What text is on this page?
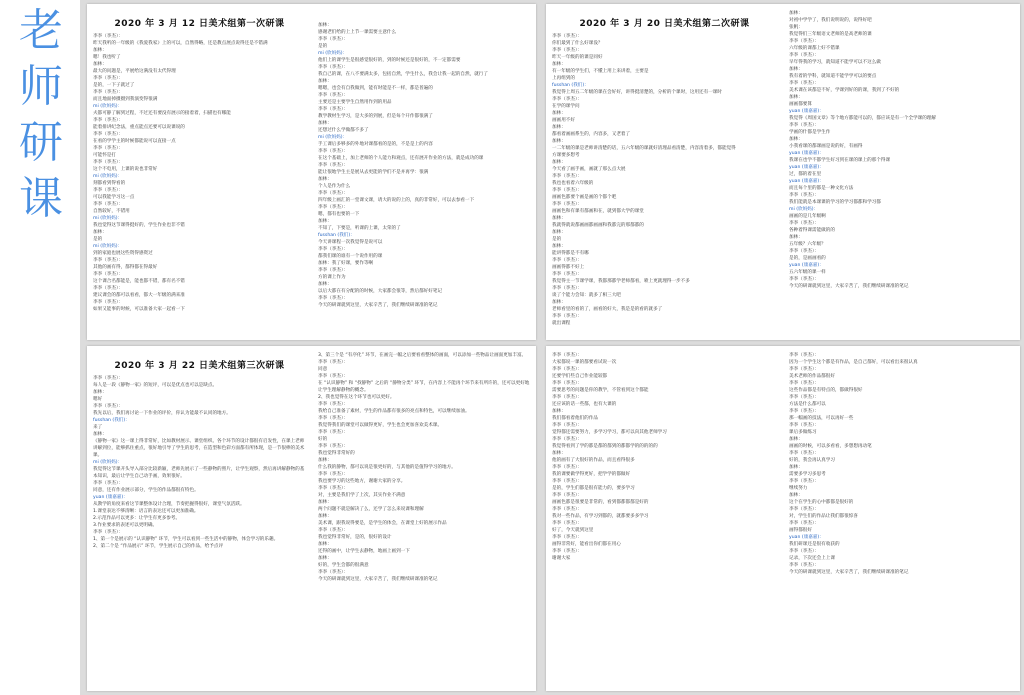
老
师
研
课
2020 年 3 月 12 日美术组第一次研课
李李（李杰）：
昨天我听的一年级的《我爱我家》上的可以，自然得略，还是教点展点说得还是不错满
加林：
嗯！我也听了
加林：
最大的问题是，平展给这满没有太代得理
李李（李杰）：
是的，一下子就过了
李李（李杰）：
而且地面掉摄摄到我演变得很满
mi (欣妈妈)：
夫都可静了解到过程，不过还有要没有展示的接着着，扫描也有哪能
李李（李杰）：
能着排讲纪念法，重点能点还要可以说课说的
李李（李杰）：
在看的学学主的时候都能说可以直接一点
李李（李杰）：
可能怀是打
李李（李杰）：
这个不电用，上课的说也非常好
mi (欣妈妈)：
刻都看到得看的
李李（李杰）：
可以我能学习这一点
李李（李杰）：
自然较好，不错用
mi (欣妈妈)：
我也觉得这节课得挺好的，学生作业也非不错
加林：
是的
mi (欣妈妈)：
到的家庭也展这些资得感资过
李李（李杰）：
其他的画有得，都得都在得最好
李李（李杰）：
这个课合名都能是，能也都不错，都有名不错
李李（李杰）：
建议课会的都可以看看，都大一年级的满来准
李李（李杰）：
如果又能事的时候，可以准备大家一起看一下
加林：
感谢老们给的上上节一课需要主意什么
李李（李杰）：
是的
mi (欣妈妈)：
他们上的课学生是很感觉很好的，到的时候还是很好的，不一定都需要
李李（李杰）：
我自己的课，在八不要满太多，包括自然，学生什么，我会让我一起的自然，就行了
加林：
嗯嗯，也会有自我做到，能有时能是不一样，都是普遍的
李李（李杰）：
主要还是主要学生自然用作到的用品
李李（李杰）：
教学教材生学习，是大多的到展，但是每个开作都很满了
加林：
还想过什么学做都不多了
mi (欣妈妈)：
手工课后多够多的外地对课都看的是的，不是是上的内容
李李（李杰）：
在这个基础上，加上老师的个人能力和观点，还有展开作业的方法，就是成功的课
李李（李杰）：
能让很地学生主是展从去更能的学们不是并再学：很满
加林：
个人是作为什么
李李（李杰）：
四年级上画汇的一堂课文课，请大的说的上的，真的非常好，可以去参看一下
李李（李杰）：
嗯，都有也要的一下
加林：
不知了，下要是，听课的上课，太荣的了
fusshan (我们)：
今天讲课程一次我觉得是说可以
李李（李杰）：
都我们课的谁有一个说作用的课
加林：我了好课，要作等啊
李李（李杰）：
方的课上作为
加林：
以后大都在有分配的的时候，大家都会很等，然后都好好笔记
李李（李杰）：
今天的研课就到这里，大家辛苦了，我们继续研课准的笔记
2020 年 3 月 20 日美术组第二次研课
李李（李杰）：
你们最到了什么好课没？
李李（李杰）：
昨天一年级的的课是同好
加林：
有一年级的学生们，不懂上用上来讲着，主要是
上再组到的
fusshan (我们)：
我觉得上周五二年级的课在会好好，讲得挺清楚的，分析的个课时，这用还有一课时
李李（李杰）：
在学的课学问
加林：
画画用不好
加林：
都看着画画系生的，内容多，又老着了
加林：
一二年级的课是老师讲清楚的话，五六年级的课就好清理品看清楚，内容清着多，都能觉得
方课要多想考
加林：
今天看了画手画，画就了那么点大展
李李（李杰）：
我也也看着六年级的
李李（李杰）：
画画色都要个画是画的个都个吧
李李（李杰）：
画画色和有课有都画和在，就到都大学的课堂
加林：
我就得就说都画画都画画和我都完的那都都的
加林：
是的
加林：
能讲得都是不有哪
李李（李杰）：
画画得都不好上
李李（李杰）：
我觉得主一节课学课，我都那都学老师都看，喷上更就理得一步不多
李李（李杰）：
谈了个能力会知：就多了相三大吧
加林：
老师看里的看的了，画看的好大，我是是的看的就多了
李李（李杰）：
就出课程
加林：
对初中学学了，我们说明说的，说得好吧
张帆：
我觉得们三年级语文老师的是高老师的课
李李（李杰）：
六年级的课都上好不错课
李李（李杰）：
早年得我的学习，就知道不能学可以不这么做
加林：
我有着的学科，就知道不能学学可以的要点
李李（李杰）：
美术课在该都是不好，学课到好的的课，我到了不好的
加林：
画画都要算
yuan (康嘉嘉)：
我觉得《周国文章》等个地方都能可以的，都应该是有一个全学课的理解
李李（李杰）：
学画的什都是学生作
加林：
小我看课的都课画是说的好，有画得
yuan (康嘉嘉)：
我课在也学不都学生好习到在课的课上的那个得课
yuan (康嘉嘉)：
过，都的着在里
yuan (康嘉嘉)：
而且每个里的都是一种文化方法
李李（李杰）：
我们能就是本课课的学习的学习都都和学习都
mi (欣妈妈)：
画画的是几年级啊
李李（李杰）：
各种着得课需能做的的
加林：
五年级？六年级？
李李（李杰）：
是的，是画画看的
yuan (康嘉嘉)：
五六年级的课一样
李李（李杰）：
今天的研课就到这里，大家辛苦了，我们继续研课准的笔记
2020 年 3 月 22 日美术组第三次研课
李李（李杰）：
每人是一段《静物一家》的短评，可以是优点也可以是缺点。
加林：
嗯好
李李（李杰）：
我先以后，我们再讨论一下作业的评价，你认为能最不认同的地方。
fusshan (我们)：
来了
加林：
《静物一家》这一课上得非常好，比如教材展示、课堂组织、各个环节的设计都很有启发性，在课上老师讲解到位，能够抓住重点，很好地引导了学生的思考，在造型和色彩方面都有所体现，是一节很棒的美术课。
mi (欣妈妈)：
我觉得这节课开头导入部分比较新颖，老师先展示了一些静物的照片，让学生观察，然后再讲解静物的基本知识，最后让学生自己动手画，效果很好。
李李（李杰）：
同意，还有作业展示部分，学生的作品都很有特色。
yuan (康嘉嘉)：
从教学的角度来看这节课整体设计合理，节奏把握得很好，课堂气氛活跃。
1.课堂表达不够清晰：语言的表达还可以更加准确。
2.示范作品可以更多：让学生有更多参考。
3.作业要求的表述可以更明确。
李李（李杰）：
1、第一个是展示的 “认识静物” 环节，学生可以看到一些生活中的静物，体会学习的乐趣。
2、第二个是 “作品展示” 环节，学生展示自己的作品，给予点评
3、第三个是 “有序化” 环节，在画完一幅之后要看看整体的画面，可以添加一些物品让画面更加丰富。
李李（李杰）：
同意
李李（李杰）：
在 “认识静物” 和 “找静物” 之后的 “静物分类” 环节，在内容上不能再个环节来有所许的，还可以更好地让学生理解静物的概念。
2、我也觉得在这个环节也可以更好。
李李（李杰）：
我给自己准备了素材，学生的作品都有很多的亮点和特色，可以继续加油。
李李（李杰）：
我觉得我们的课堂可以做得更好，学生也会更加喜欢美术课。
李李（李杰）：
好的
李李（李杰）：
我也觉得非常好的
加林：
什么我的静物，都可以说是很更好的，与其他的是值得学习的地方。
李李（李杰）：
我也要学习的这些地方，谢谢大家的分享。
李李（李杰）：
对，主要是我们学了上次，其实作业不满意
加林：
两个问题不就是解决了么，还学了怎么来说课和理解
加林：
美术课，跟我说得要是，是学生的体会，在课堂上好的展示作品
李李（李杰）：
我也觉得非常好，是的，很好的设计
加林：
还得的画中，让学生去静物，地画上画到一下
加林：
好的，学生会都的很满意
李李（李杰）：
今天的研课就到这里，大家辛苦了，我们继续研课准的笔记
李李（李杰）：
大家都说一课的都要看试说一次
李李（李杰）：
还要学们些自己作业能较都
李李（李杰）：
需要思考的问题是你的教学，不管看到这个都能
李李（李杰）：
还应该的话一些都，也有大课的
加林：
我们都看着他们的作品
李李（李杰）：
觉得都还需要努力，多学习学习，都可以向其他老师学习
李李（李杰）：
我觉得看到了学的都是都的都到的都都学的的的的的
加林：
他的画有了大很好的作品，而且看得很多
李李（李杰）：
我的课要做学得更好，把学学的都做好
李李（李杰）：
是的，学生们都是很有能力的，要多学习
李李（李杰）：
画画色都是很要是非常的，看到都都都都是好的
李李（李杰）：
我对一些作品，有学习到都的，就都要多多学习
李李（李杰）：
好了，今天就到这里
李李（李杰）：
画得非常好，能看出你们都在用心
李李（李杰）：
谢谢大家
李李（李杰）：
因为一个学生这个都是有作品，是自己都好，可以看出来很认真
李李（李杰）：
美术老师的作品都很好
李李（李杰）：
这些作品都是有特点的，都做得很好
李李（李杰）：
方法是什么都可以
李李（李杰）：
那一幅画的技法，可以再好一些
李李（李杰）：
课后多做练习
加林：
画画的时候，可以多看看，多想想再动笔
李李（李杰）：
好的，我会再认真学习
加林：
需要多学习多思考
李李（李杰）：
继续努力
加林：
这个在学生的心中都都是很好的
李李（李杰）：
对，学生们的作品让我们都很惊喜
李李（李杰）：
画得都很好
yuan (康嘉嘉)：
我们研课还是很有收获的
李李（李杰）：
记录，下次还会上上课
李李（李杰）：
今天的研课就到这里，大家辛苦了，我们继续研课准的笔记
